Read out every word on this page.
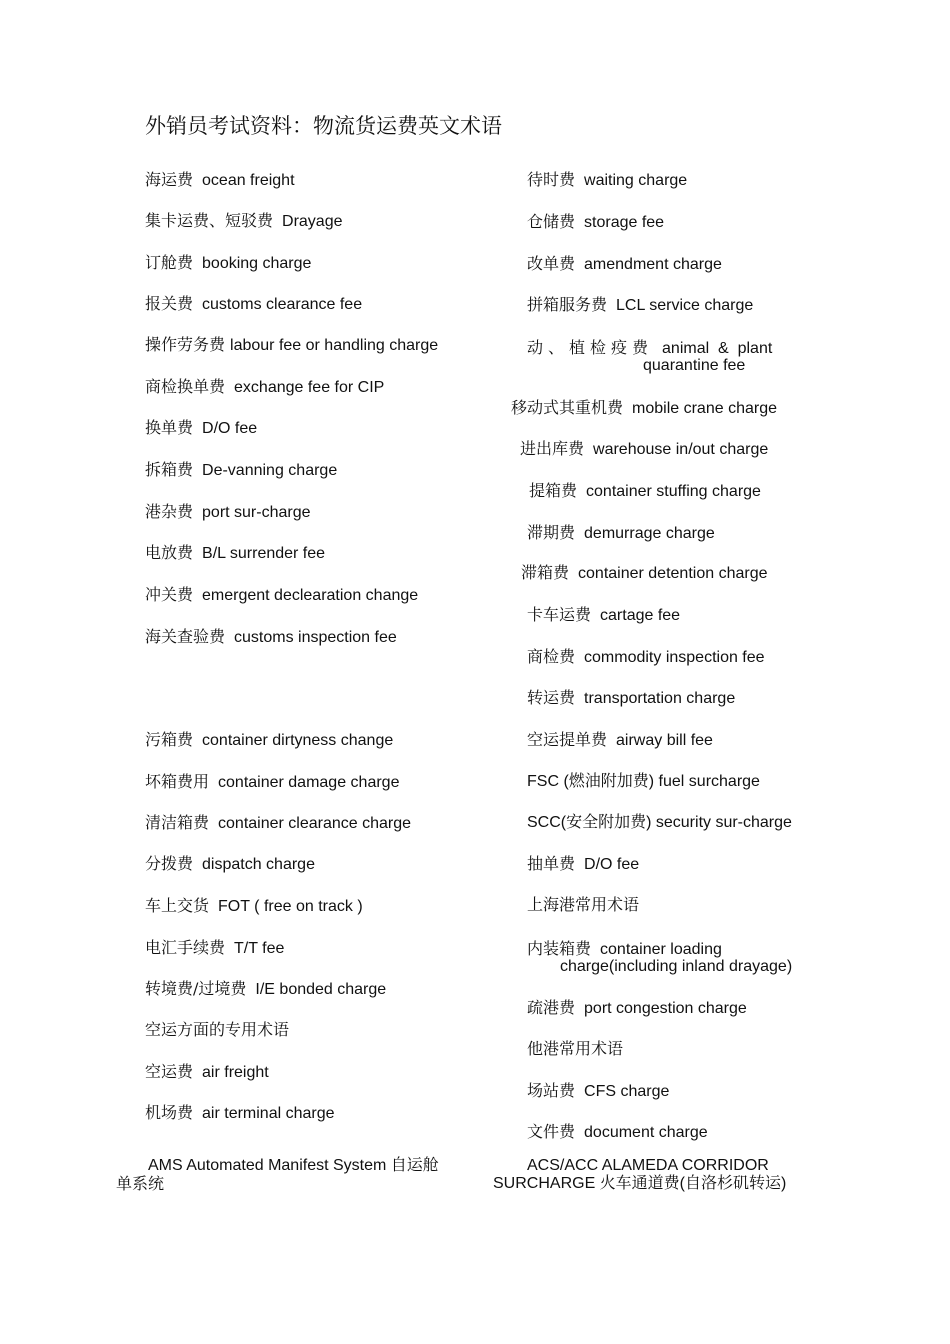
外销员考试资料：物流货运费英文术语
海运费 ocean freight
集卡运费、短驳费 Drayage
订舱费 booking charge
报关费 customs clearance fee
操作劳务费 labour fee or handling charge
商检换单费 exchange fee for CIP
换单费 D/O fee
拆箱费 De-vanning charge
港杂费 port sur-charge
电放费 B/L surrender fee
冲关费 emergent declearation change
海关查验费 customs inspection fee
污箱费 container dirtyness change
坏箱费用 container damage charge
清洁箱费 container clearance charge
分拨费 dispatch charge
车上交货 FOT ( free on track )
电汇手续费 T/T fee
转境费/过境费 I/E bonded charge
空运方面的专用术语
空运费 air freight
机场费 air terminal charge
AMS Automated Manifest System 自运舱
单系统
待时费 waiting charge
仓储费 storage fee
改单费 amendment charge
拼箱服务费 LCL service charge
动、植检疫费 animal  &  plant
quarantine fee
移动式其重机费 mobile crane charge
进出库费 warehouse in/out charge
提箱费 container stuffing charge
滞期费 demurrage charge
滞箱费 container detention charge
卡车运费 cartage fee
商检费 commodity inspection fee
转运费 transportation charge
空运提单费 airway bill fee
FSC (燃油附加费) fuel surcharge
SCC(安全附加费) security sur-charge
抽单费 D/O fee
上海港常用术语
内装箱费 container loading
charge(including inland drayage)
疏港费 port congestion charge
他港常用术语
场站费 CFS charge
文件费 document charge
ACS/ACC ALAMEDA CORRIDOR
SURCHARGE 火车通道费(自洛杉矶转运)
